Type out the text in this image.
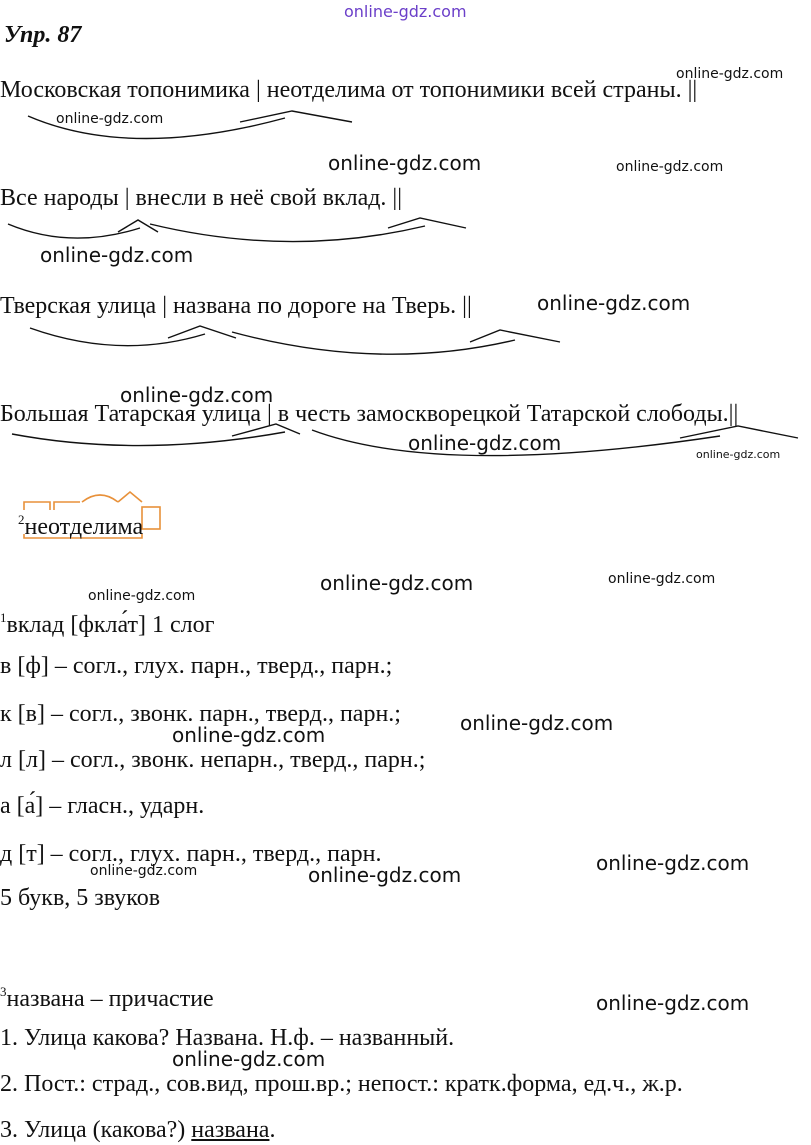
online-gdz.com
online-gdz.com
online-gdz.com
online-gdz.com	online-gdz.com
online-gdz.com
online-gdz.com
online-gdz.com
online-gdz.com	online-gdz.com
online-gdz.com
online-gdz.com	online-gdz.com
online-gdz.com
online-gdz.com
online-gdz.com
online-gdz.com	online-gdz.com
online-gdz.com
online-gdz.com
Упр. 87
Московская топонимика | неотделима от топонимики всей страны. ||
Все народы | внесли в неё свой вклад. ||
Тверская улица | названа по дороге на Тверь. ||
Большая Татарская улица | в честь замоскворецкой Татарской слободы.||
$^2$неотделима
$^1$вклад [фкла́т] 1 слог
в [ф] – согл., глух. парн., тверд., парн.;
к [в] – согл., звонк. парн., тверд., парн.;
л [л] – согл., звонк. непарн., тверд., парн.;
а [а́] – гласн., ударн.
д [т] – согл., глух. парн., тверд., парн.
5 букв, 5 звуков
$^3$названа – причастие
1. Улица какова? Названа. Н.ф. – названный.
2. Пост.: страд., сов.вид, прош.вр.; непост.: кратк.форма, ед.ч., ж.р.
3. Улица (какова?) названа.
